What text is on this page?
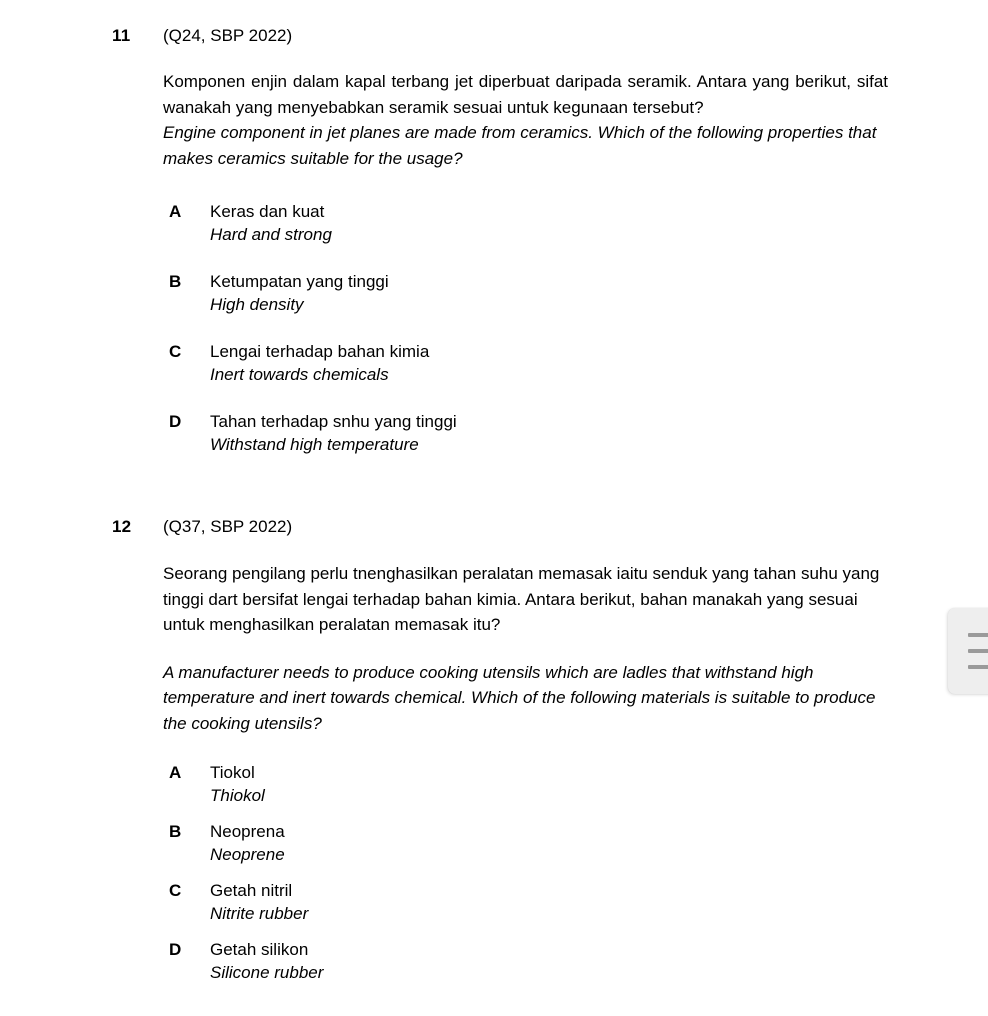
11 (Q24, SBP 2022)

Komponen enjin dalam kapal terbang jet diperbuat daripada seramik. Antara yang berikut, sifat wanakah yang menyebabkan seramik sesuai untuk kegunaan tersebut?

Engine component in jet planes are made from ceramics. Which of the following properties that makes ceramics suitable for the usage?

A	Keras dan kuat
Hard and strong
B	Ketumpatan yang tinggi
High density
C	Lengai terhadap bahan kimia
Inert towards chemicals
D	Tahan terhadap snhu yang tinggi
Withstand high temperature
12 (Q37, SBP 2022)

Seorang pengilang perlu tnenghasilkan peralatan memasak iaitu senduk yang tahan suhu yang tinggi dart bersifat lengai terhadap bahan kimia. Antara berikut, bahan manakah yang sesuai untuk menghasilkan peralatan memasak itu?

A manufacturer needs to produce cooking utensils which are ladles that withstand high temperature and inert towards chemical. Which of the following materials is suitable to produce the cooking utensils?

A	Tiokol
Thiokol
B	Neoprena
Neoprene
C	Getah nitril
Nitrite rubber
D	Getah silikon
Silicone rubber
